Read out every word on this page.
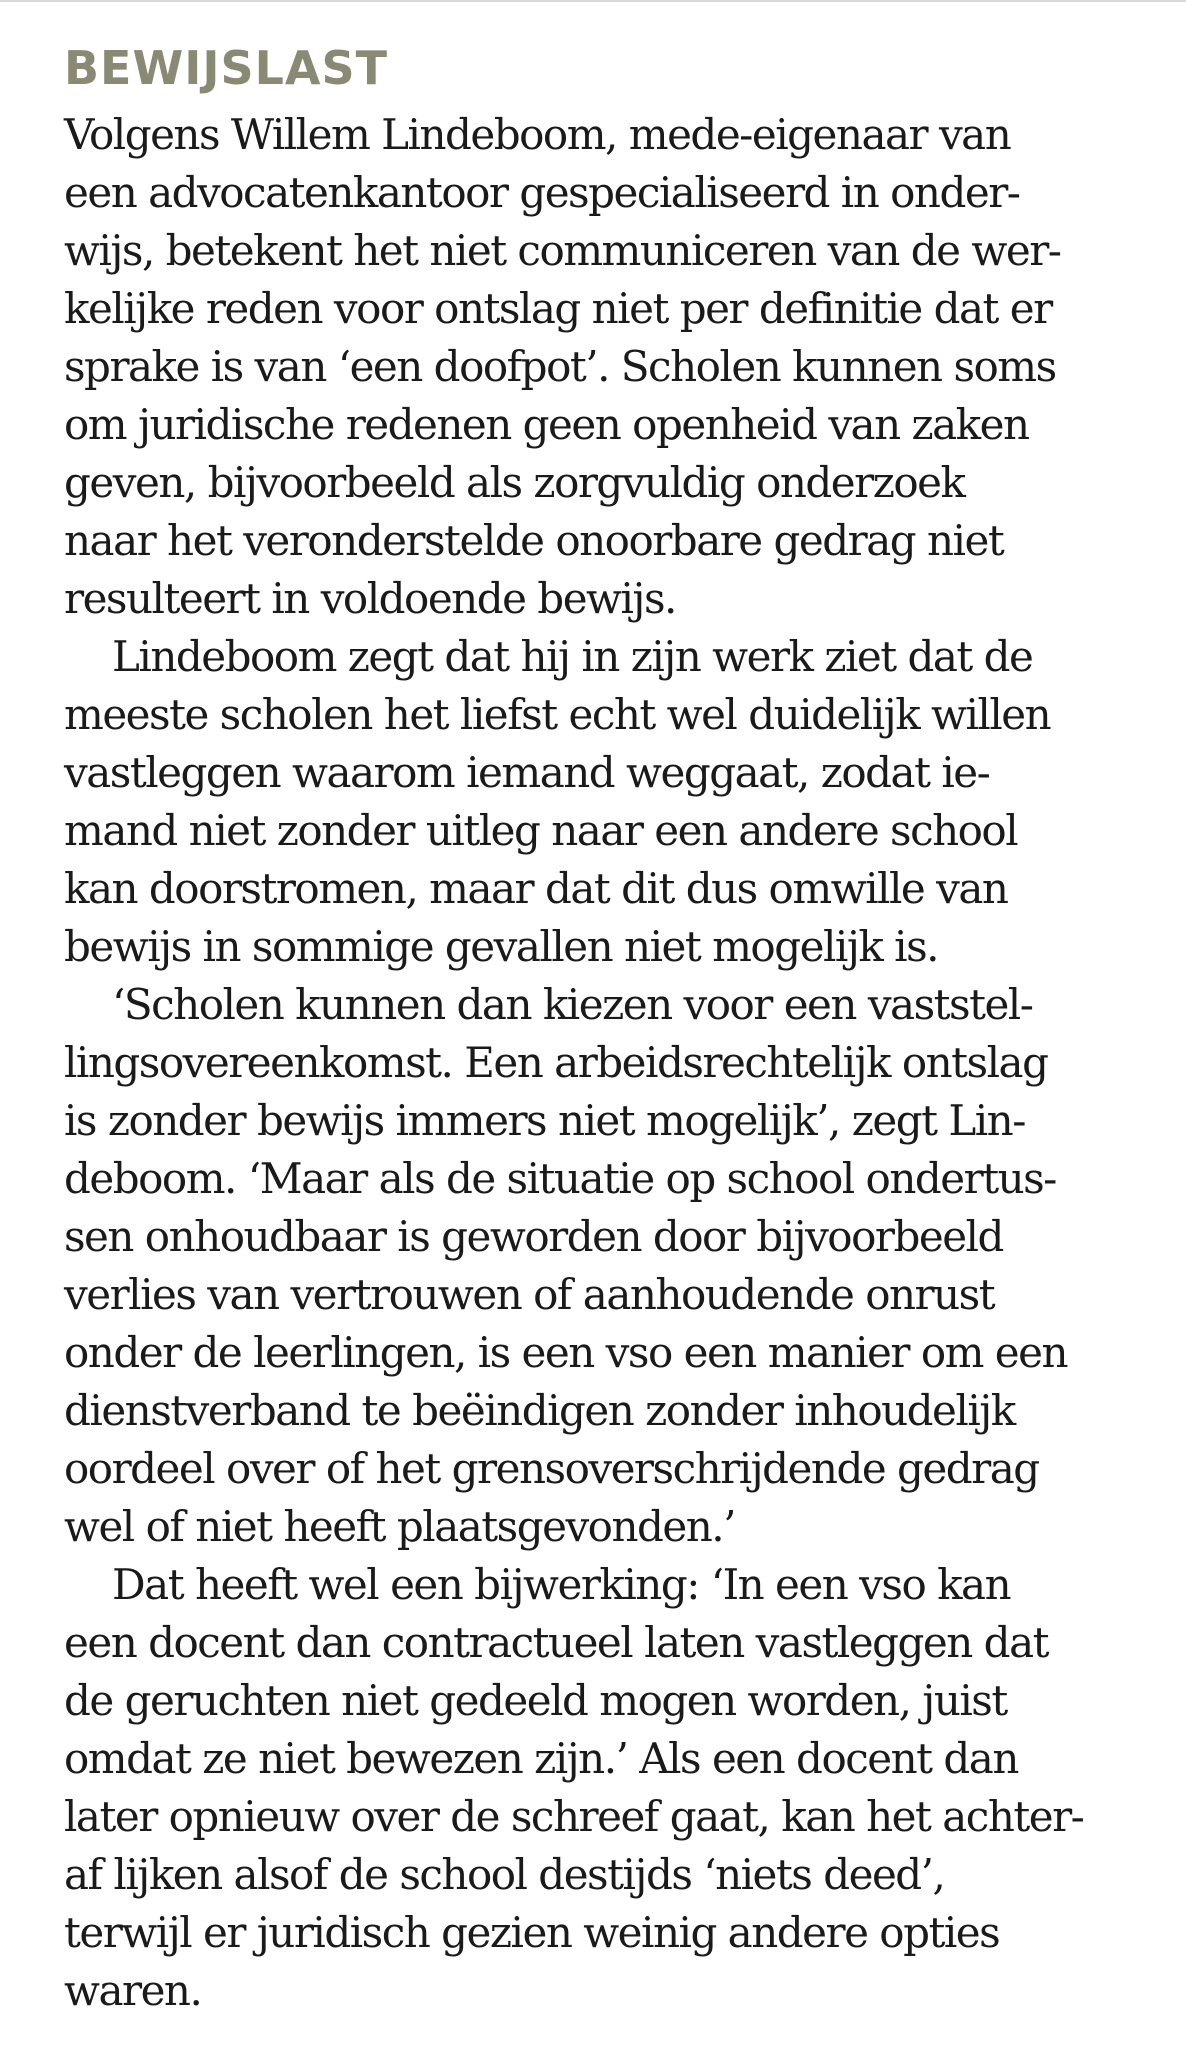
BEWIJSLAST
Volgens Willem Lindeboom, mede-eigenaar van
een advocatenkantoor gespecialiseerd in onder-
wijs, betekent het niet communiceren van de wer-
kelijke reden voor ontslag niet per definitie dat er
sprake is van ‘een doofpot’. Scholen kunnen soms
om juridische redenen geen openheid van zaken
geven, bijvoorbeeld als zorgvuldig onderzoek
naar het veronderstelde onoorbare gedrag niet
resulteert in voldoende bewijs.
Lindeboom zegt dat hij in zijn werk ziet dat de
meeste scholen het liefst echt wel duidelijk willen
vastleggen waarom iemand weggaat, zodat ie-
mand niet zonder uitleg naar een andere school
kan doorstromen, maar dat dit dus omwille van
bewijs in sommige gevallen niet mogelijk is.
‘Scholen kunnen dan kiezen voor een vaststel-
lingsovereenkomst. Een arbeidsrechtelijk ontslag
is zonder bewijs immers niet mogelijk’, zegt Lin-
deboom. ‘Maar als de situatie op school ondertus-
sen onhoudbaar is geworden door bijvoorbeeld
verlies van vertrouwen of aanhoudende onrust
onder de leerlingen, is een vso een manier om een
dienstverband te beëindigen zonder inhoudelijk
oordeel over of het grensoverschrijdende gedrag
wel of niet heeft plaatsgevonden.’
Dat heeft wel een bijwerking: ‘In een vso kan
een docent dan contractueel laten vastleggen dat
de geruchten niet gedeeld mogen worden, juist
omdat ze niet bewezen zijn.’ Als een docent dan
later opnieuw over de schreef gaat, kan het achter-
af lijken alsof de school destijds ‘niets deed’,
terwijl er juridisch gezien weinig andere opties
waren.
